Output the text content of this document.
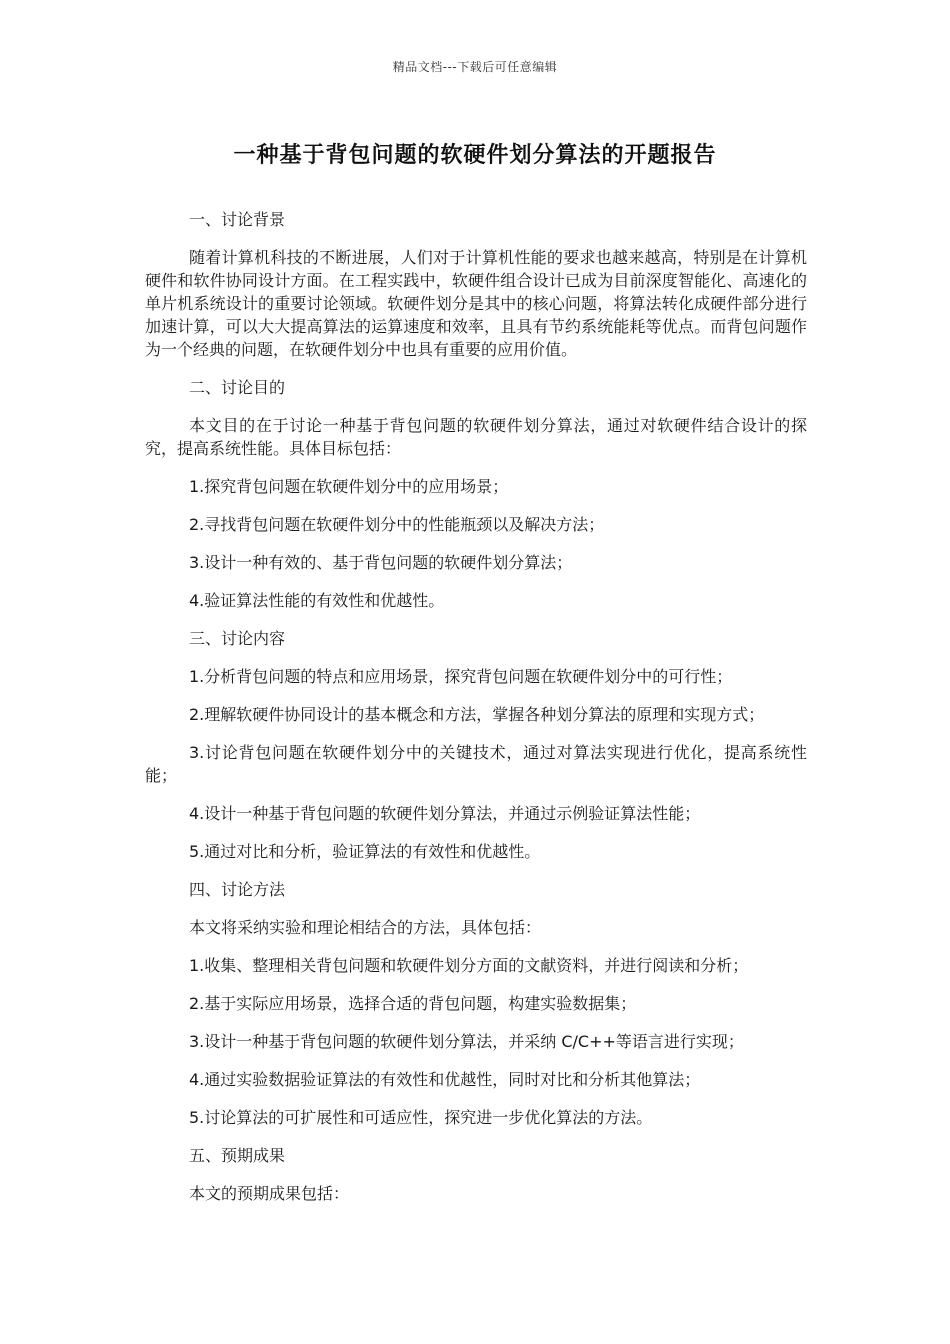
精品文档---下载后可任意编辑
一种基于背包问题的软硬件划分算法的开题报告

一、讨论背景

随着计算机科技的不断进展，人们对于计算机性能的要求也越来越高，特别是在计算机硬件和软件协同设计方面。在工程实践中，软硬件组合设计已成为目前深度智能化、高速化的单片机系统设计的重要讨论领域。软硬件划分是其中的核心问题，将算法转化成硬件部分进行加速计算，可以大大提高算法的运算速度和效率，且具有节约系统能耗等优点。而背包问题作为一个经典的问题，在软硬件划分中也具有重要的应用价值。

二、讨论目的

本文目的在于讨论一种基于背包问题的软硬件划分算法，通过对软硬件结合设计的探究，提高系统性能。具体目标包括：

1.探究背包问题在软硬件划分中的应用场景；

2.寻找背包问题在软硬件划分中的性能瓶颈以及解决方法；

3.设计一种有效的、基于背包问题的软硬件划分算法；

4.验证算法性能的有效性和优越性。

三、讨论内容

1.分析背包问题的特点和应用场景，探究背包问题在软硬件划分中的可行性；

2.理解软硬件协同设计的基本概念和方法，掌握各种划分算法的原理和实现方式；

3.讨论背包问题在软硬件划分中的关键技术，通过对算法实现进行优化，提高系统性能；

4.设计一种基于背包问题的软硬件划分算法，并通过示例验证算法性能；

5.通过对比和分析，验证算法的有效性和优越性。

四、讨论方法

本文将采纳实验和理论相结合的方法，具体包括：

1.收集、整理相关背包问题和软硬件划分方面的文献资料，并进行阅读和分析；

2.基于实际应用场景，选择合适的背包问题，构建实验数据集；

3.设计一种基于背包问题的软硬件划分算法，并采纳 C/C++等语言进行实现；

4.通过实验数据验证算法的有效性和优越性，同时对比和分析其他算法；

5.讨论算法的可扩展性和可适应性，探究进一步优化算法的方法。

五、预期成果

本文的预期成果包括：
